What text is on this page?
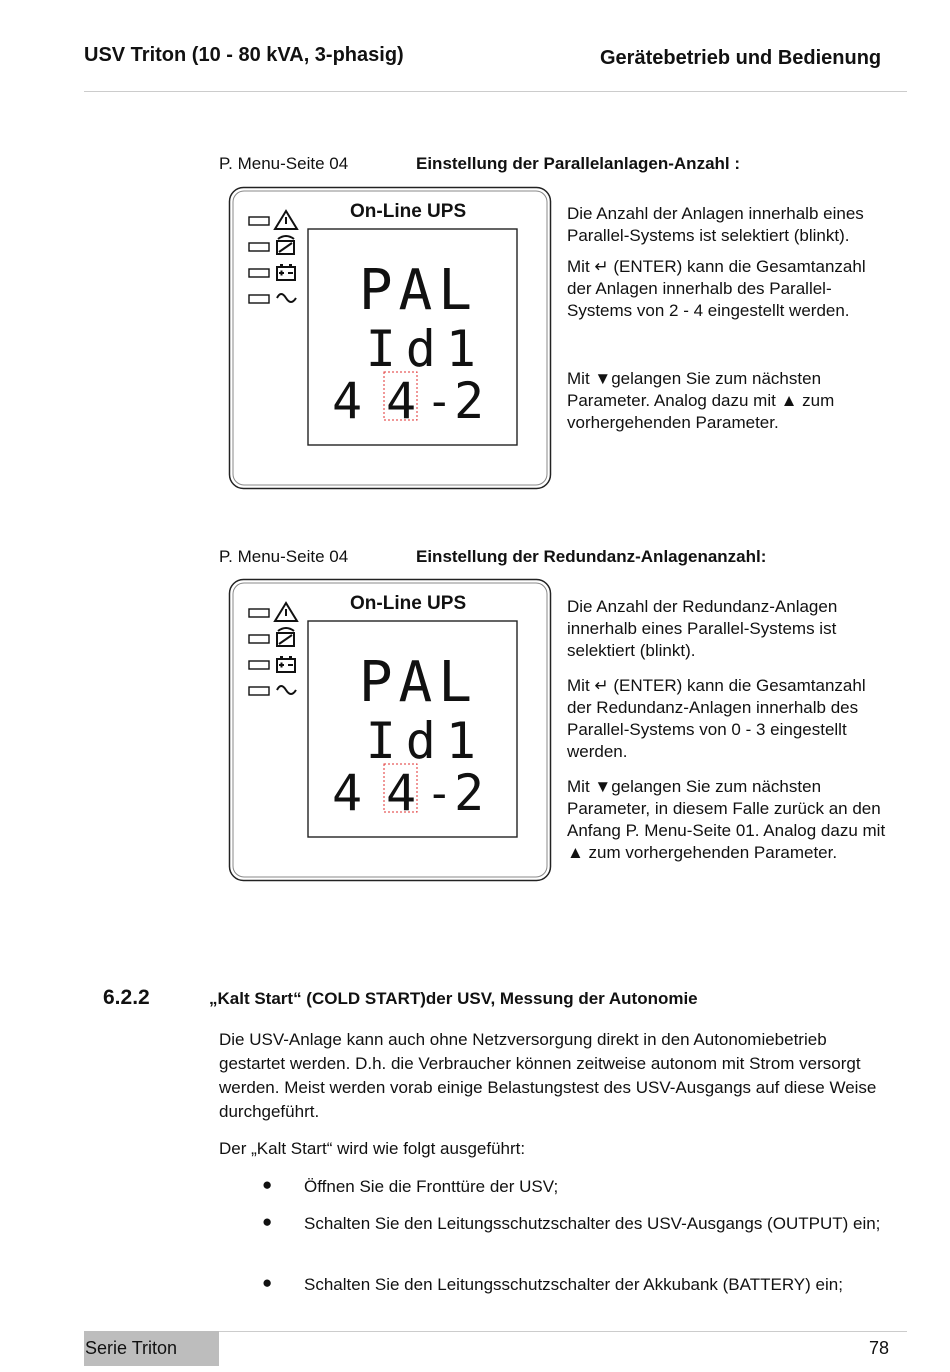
USV Triton (10 - 80 kVA, 3-phasig)	Gerätebetrieb und Bedienung
P. Menu-Seite 04	Einstellung der Parallelanlagen-Anzahl :
On-Line UPS
PAL
Id1
4 4 - 2

Die Anzahl der Anlagen innerhalb eines Parallel-Systems ist selektiert (blinkt).

Mit ↵ (ENTER) kann die Gesamtanzahl der Anlagen innerhalb des Parallel-Systems von 2 - 4 eingestellt werden.

Mit ▼gelangen Sie zum nächsten Parameter. Analog dazu mit ▲ zum vorhergehenden Parameter.

P. Menu-Seite 04	Einstellung der Redundanz-Anlagenanzahl:
On-Line UPS
PAL
Id1
4 4 - 2

Die Anzahl der Redundanz-Anlagen innerhalb eines Parallel-Systems ist selektiert (blinkt).

Mit ↵ (ENTER) kann die Gesamtanzahl der Redundanz-Anlagen innerhalb des Parallel-Systems von 0 - 3 eingestellt werden.

Mit ▼gelangen Sie zum nächsten Parameter, in diesem Falle zurück an den Anfang P. Menu-Seite 01. Analog dazu mit ▲ zum vorhergehenden Parameter.

6.2.2	„Kalt Start“ (COLD START)der USV, Messung der Autonomie
Die USV-Anlage kann auch ohne Netzversorgung direkt in den Autonomiebetrieb gestartet werden. D.h. die Verbraucher können zeitweise autonom mit Strom versorgt werden. Meist werden vorab einige Belastungstest des USV-Ausgangs auf diese Weise durchgeführt.
Der „Kalt Start“ wird wie folgt ausgeführt:
● Öffnen Sie die Fronttüre der USV;
● Schalten Sie den Leitungsschutzschalter des USV-Ausgangs (OUTPUT) ein;
● Schalten Sie den Leitungsschutzschalter der Akkubank (BATTERY) ein;
Serie Triton	78
